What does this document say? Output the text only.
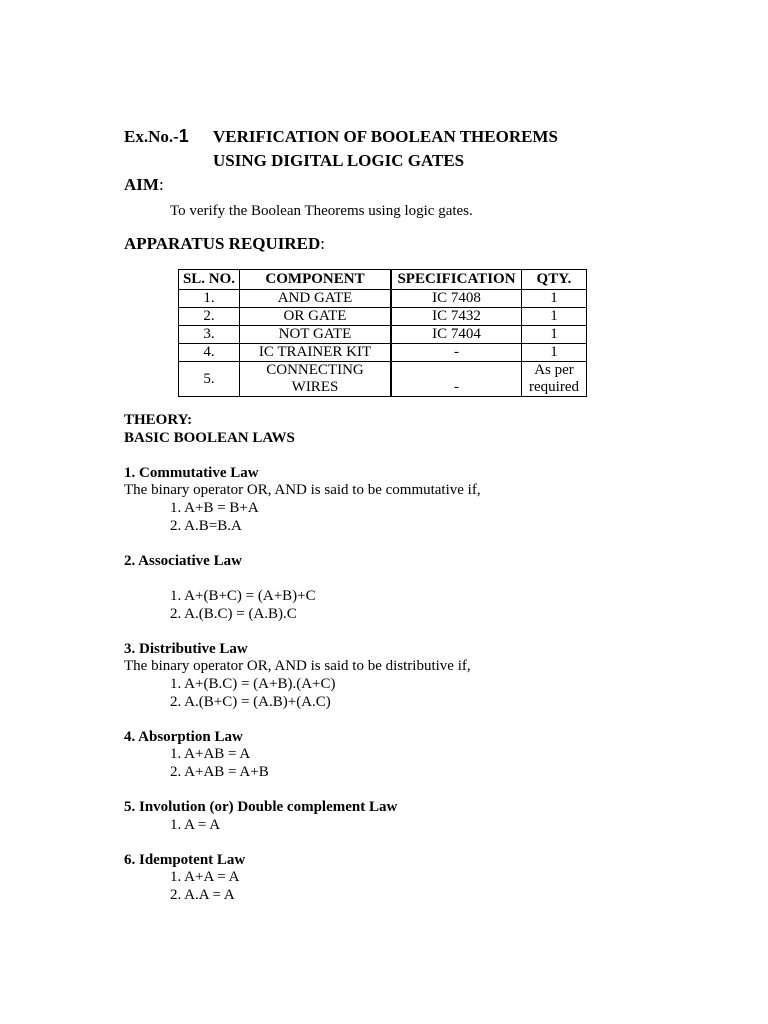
Ex.No.-1 VERIFICATION OF BOOLEAN THEOREMS
USING DIGITAL LOGIC GATES
AIM:
To verify the Boolean Theorems using logic gates.
APPARATUS REQUIRED:
SL. NO.	COMPONENT	SPECIFICATION	QTY.
1.	AND GATE	IC 7408	1
2.	OR GATE	IC 7432	1
3.	NOT GATE	IC 7404	1
4.	IC TRAINER KIT	-	1
5.	CONNECTING WIRES	-	As per
required
THEORY:
BASIC BOOLEAN LAWS
1. Commutative Law
The binary operator OR, AND is said to be commutative if,
1. A+B = B+A
2. A.B=B.A
2. Associative Law
1. A+(B+C) = (A+B)+C
2. A.(B.C) = (A.B).C
3. Distributive Law
The binary operator OR, AND is said to be distributive if,
1. A+(B.C) = (A+B).(A+C)
2. A.(B+C) = (A.B)+(A.C)
4. Absorption Law
1. A+AB = A
2. A+AB = A+B
5. Involution (or) Double complement Law
1. A = A
6. Idempotent Law
1. A+A = A
2. A.A = A
